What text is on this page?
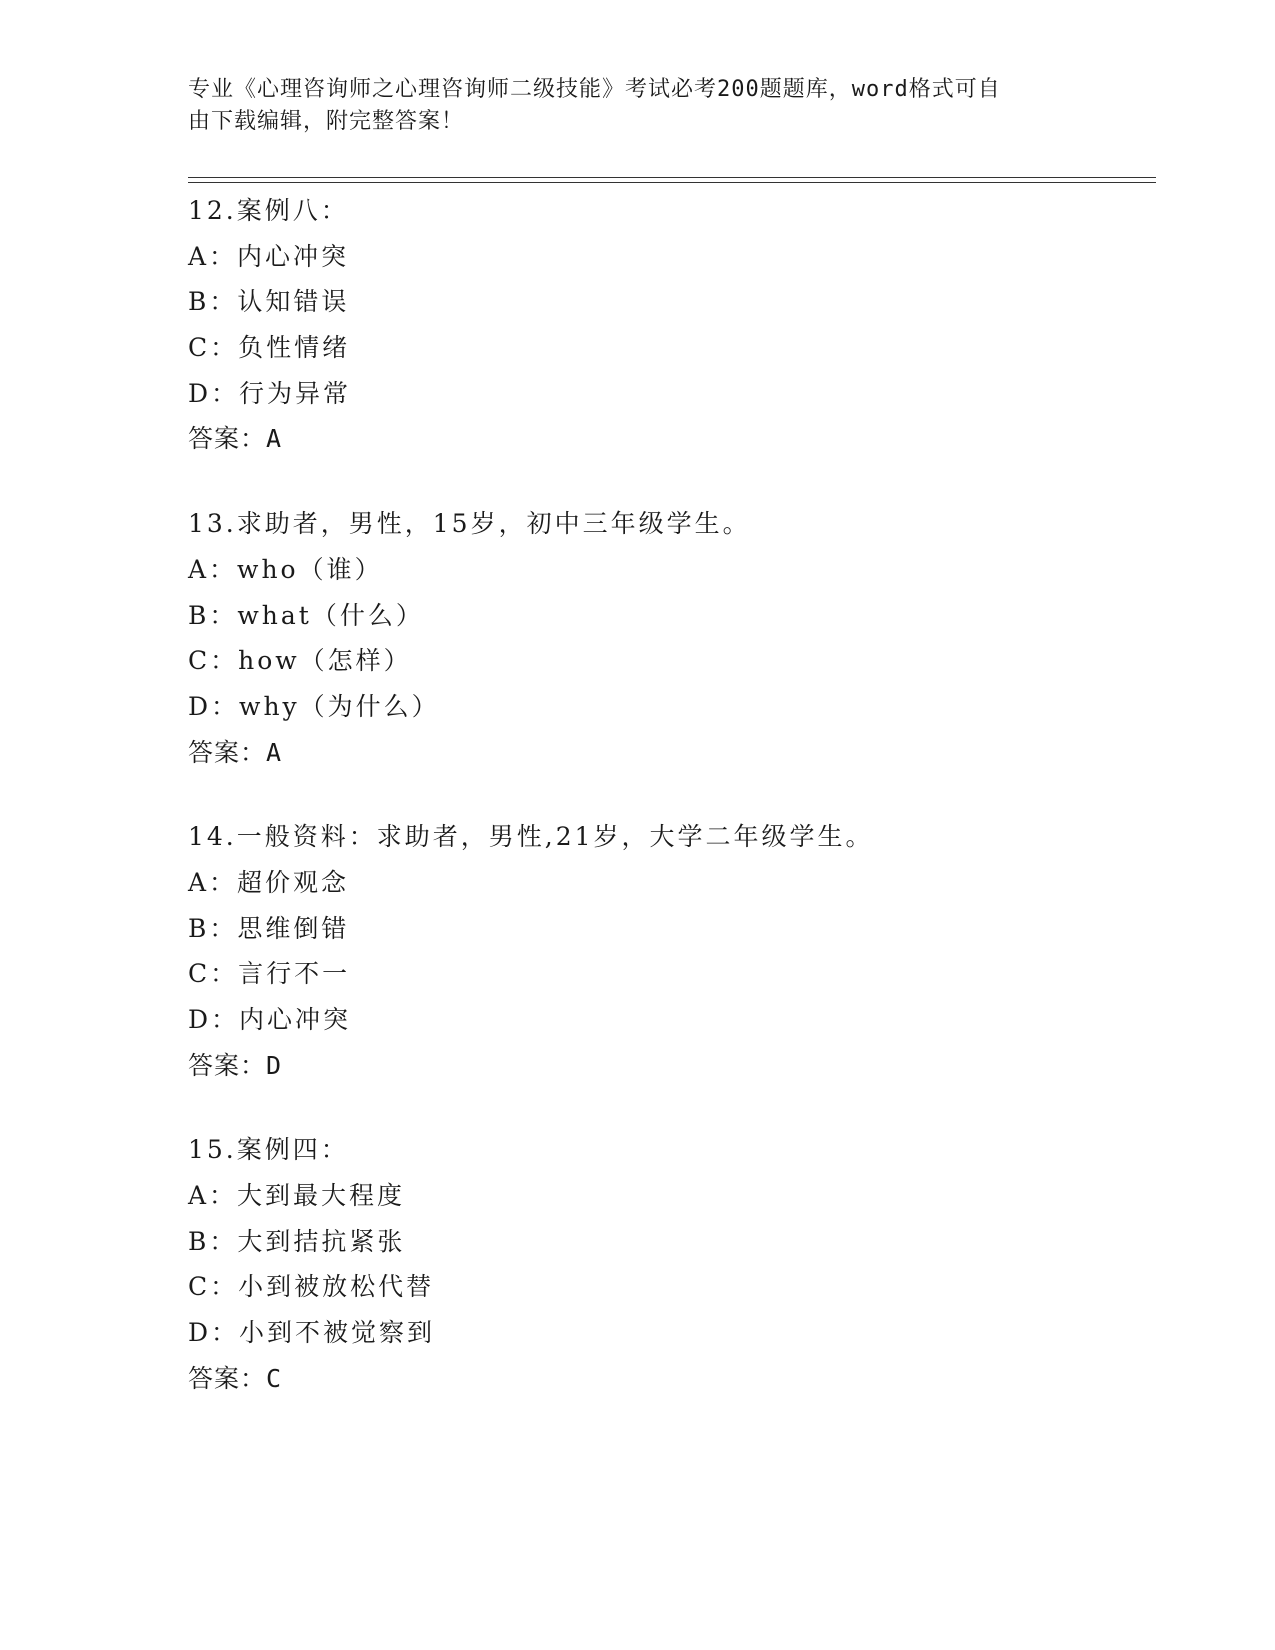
专业《心理咨询师之心理咨询师二级技能》考试必考200题题库，word格式可自
由下载编辑，附完整答案！
12.案例八：
A：内心冲突
B：认知错误
C：负性情绪
D：行为异常
答案：A
13.求助者，男性，15岁，初中三年级学生。
A：who（谁）
B：what（什么）
C：how（怎样）
D：why（为什么）
答案：A
14.一般资料：求助者，男性,21岁，大学二年级学生。
A：超价观念
B：思维倒错
C：言行不一
D：内心冲突
答案：D
15.案例四：
A：大到最大程度
B：大到拮抗紧张
C：小到被放松代替
D：小到不被觉察到
答案：C
